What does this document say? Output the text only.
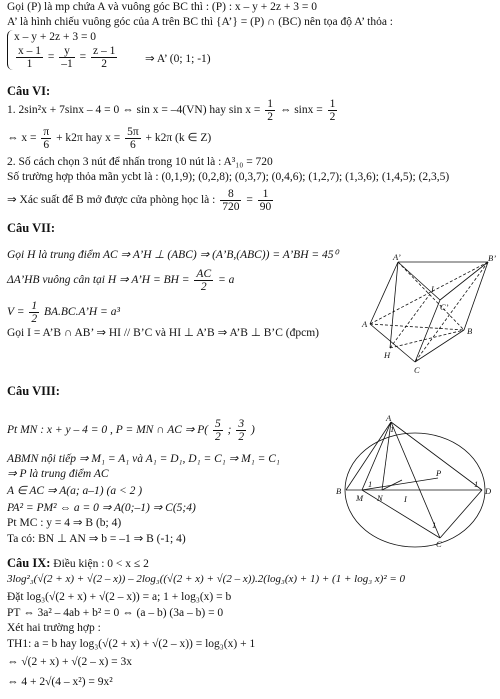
Gọi (P) là mp chứa A và vuông góc BC thì : (P) : x – y + 2z + 3 = 0
A’ là hình chiếu vuông góc của A trên BC thì {A’} = (P) ∩ (BC) nên tọa độ A’ thỏa :
x – y + 2z + 3 = 0
$\frac{x - 1}{1} = \frac{y}{-1} = \frac{z - 1}{2}$ ⇒ A’ (0; 1; -1)
Câu VI:
1. 2sin²x + 7sinx – 4 = 0 ⇔ sin x = –4(VN) hay $\sin x = \frac{1}{2}$ ⇔ $\sin x = \frac{1}{2}$
⇔ $x = \frac{\pi}{6} + k2\pi$ hay $x = \frac{5\pi}{6} + k2\pi$ (k ∈ Z)
2. Số cách chọn 3 nút để nhấn trong 10 nút là : A³₁₀ = 720
Số trường hợp thỏa mãn ycbt là : (0,1,9); (0,2,8); (0,3,7); (0,4,6); (1,2,7); (1,3,6); (1,4,5); (2,3,5)
⇒ Xác suất để B mở được cửa phòng học là : $\frac{8}{720} = \frac{1}{90}$
Câu VII:
Gọi H là trung điểm AC ⇒ A’H ⊥ (ABC) ⇒ (A’B,(ABC)) = A’BH = 45⁰
ΔA’HB vuông cân tại H ⇒ A’H = BH = $\frac{AC}{2} = a$
$V = \frac{1}{2}$ BA.BC.A’H = a³
Gọi I = A’B ∩ AB’ ⇒ HI // B’C và HI ⊥ A’B ⇒ A’B ⊥ B’C (đpcm)
A’	B’
C’
I
A
B
H
C
Câu VIII:
Pt MN : x + y – 4 = 0 , P = MN ∩ AC ⇒ $P( \frac{5}{2}$ ; $\frac{3}{2}$ )
ABMN nội tiếp ⇒ M₁ = A₁ và A₁ = D₁, D₁ = C₁ ⇒ M₁ = C₁
⇒ P là trung điểm AC
A ∈ AC ⇒ A(a; a–1) (a < 2 )
PA² = PM² ⇔ a = 0 ⇒ A(0;–1) ⇒ C(5;4)
Pt MC : y = 4 ⇒ B (b; 4)
Ta có: BN ⊥ AN ⇒ b = –1 ⇒ B (-1; 4)
A
B
M N	I
P
D
C
1
1
1
1
Câu IX: Điều kiện : 0 < x ≤ 2
3log²₃(√(2 + x) + √(2 – x)) – 2log₃((√(2 + x) + √(2 – x)).2(log₃(x) + 1) + (1 + log₃ x)² = 0
Đặt log₃(√(2 + x) + √(2 – x)) = a; 1 + log₃(x) = b
PT ⇔ 3a² – 4ab + b² = 0 ⇔ (a – b) (3a – b) = 0
Xét hai trường hợp :
TH1: a = b hay log₃(√(2 + x) + √(2 – x)) = log₃(x) + 1
⇔ √(2 + x) + √(2 – x) = 3x
⇔ 4 + 2√(4 – x²) = 9x²
